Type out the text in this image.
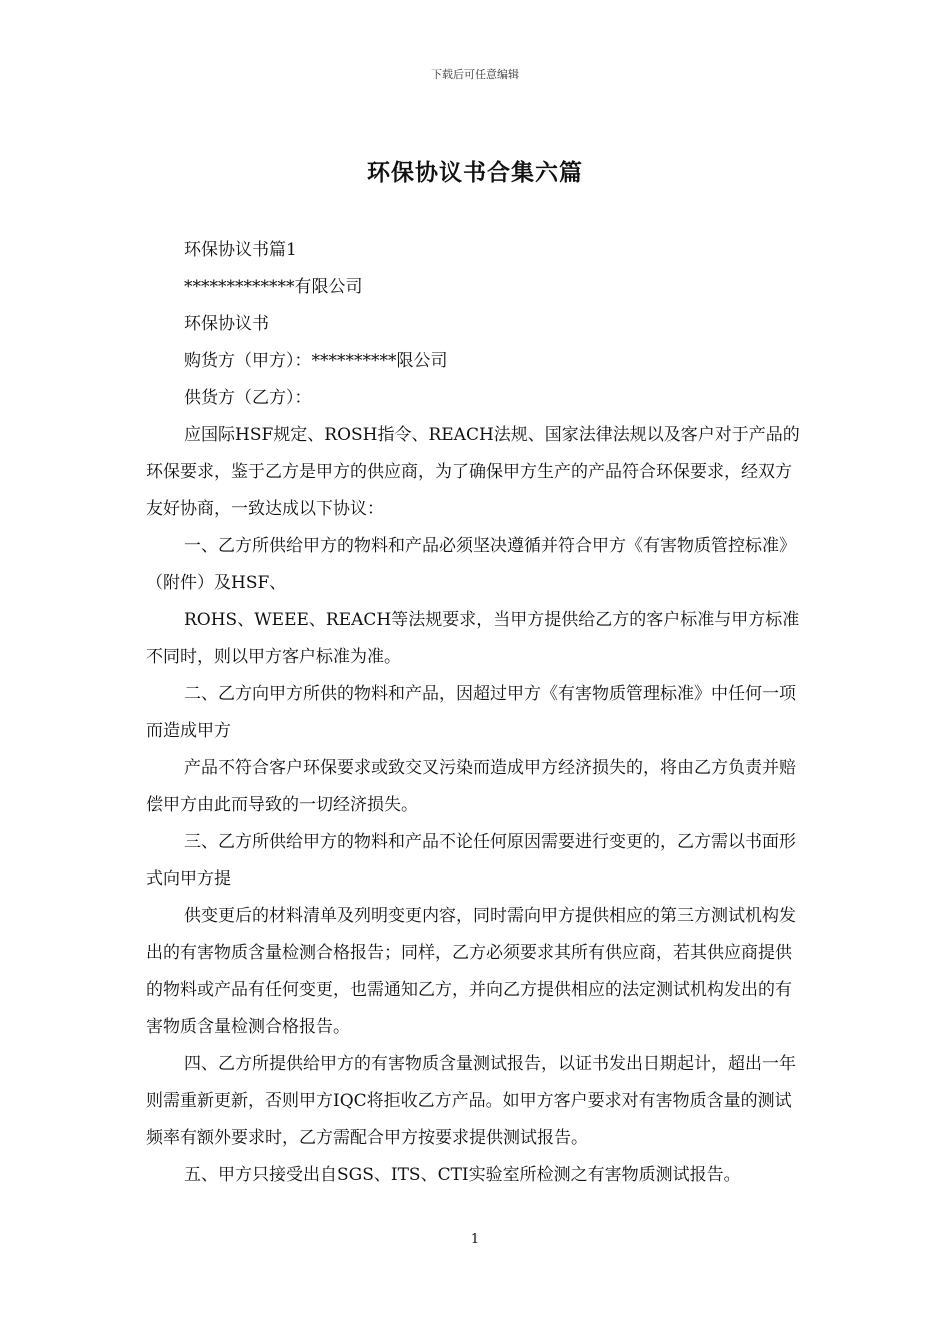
下载后可任意编辑
环保协议书合集六篇

环保协议书篇1

*************有限公司

环保协议书

购货方（甲方）：**********限公司

供货方（乙方）：

应国际HSF规定、ROSH指令、REACH法规、国家法律法规以及客户对于产品的环保要求，鉴于乙方是甲方的供应商，为了确保甲方生产的产品符合环保要求，经双方友好协商，一致达成以下协议：

一、乙方所供给甲方的物料和产品必须坚决遵循并符合甲方《有害物质管控标准》（附件）及HSF、

ROHS、WEEE、REACH等法规要求，当甲方提供给乙方的客户标准与甲方标准不同时，则以甲方客户标准为准。

二、乙方向甲方所供的物料和产品，因超过甲方《有害物质管理标准》中任何一项而造成甲方

产品不符合客户环保要求或致交叉污染而造成甲方经济损失的，将由乙方负责并赔偿甲方由此而导致的一切经济损失。

三、乙方所供给甲方的物料和产品不论任何原因需要进行变更的，乙方需以书面形式向甲方提

供变更后的材料清单及列明变更内容，同时需向甲方提供相应的第三方测试机构发出的有害物质含量检测合格报告；同样，乙方必须要求其所有供应商，若其供应商提供的物料或产品有任何变更，也需通知乙方，并向乙方提供相应的法定测试机构发出的有害物质含量检测合格报告。

四、乙方所提供给甲方的有害物质含量测试报告，以证书发出日期起计，超出一年则需重新更新，否则甲方IQC将拒收乙方产品。如甲方客户要求对有害物质含量的测试频率有额外要求时，乙方需配合甲方按要求提供测试报告。

五、甲方只接受出自SGS、ITS、CTI实验室所检测之有害物质测试报告。

1
